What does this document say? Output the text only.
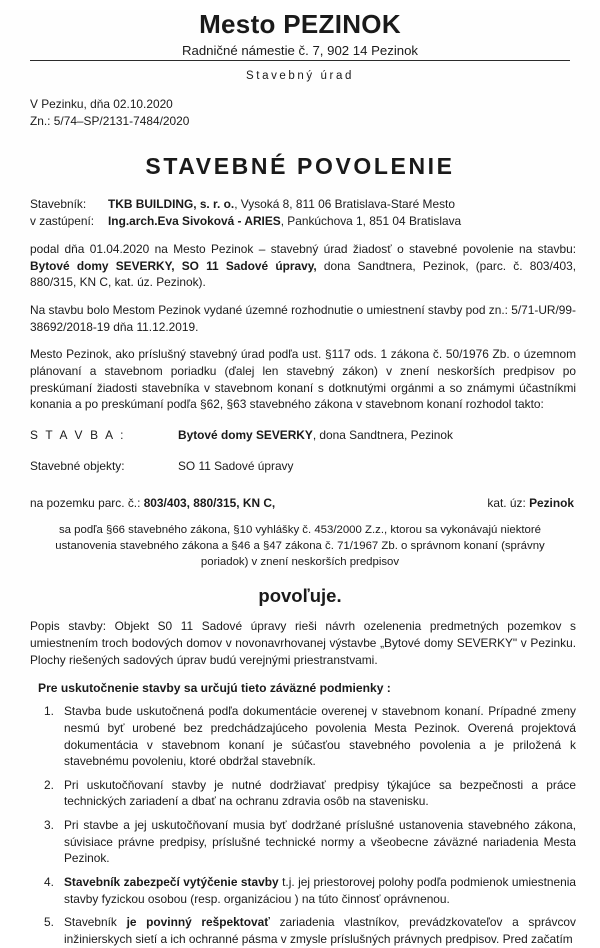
Mesto PEZINOK
Radničné námestie č. 7, 902 14 Pezinok
Stavebný úrad
V Pezinku, dňa 02.10.2020
Zn.: 5/74–SP/2131-7484/2020
STAVEBNÉ POVOLENIE
Stavebník:	TKB BUILDING, s. r. o., Vysoká 8, 811 06 Bratislava-Staré Mesto
v zastúpení:	Ing.arch.Eva Sivoková - ARIES, Pankúchova 1, 851 04 Bratislava

podal dňa 01.04.2020 na Mesto Pezinok – stavebný úrad žiadosť o stavebné povolenie na stavbu: Bytové domy SEVERKY, SO 11 Sadové úpravy, dona Sandtnera, Pezinok, (parc. č. 803/403, 880/315, KN C, kat. úz. Pezinok).

Na stavbu bolo Mestom Pezinok vydané územné rozhodnutie o umiestnení stavby pod zn.: 5/71-UR/99-38692/2018-19 dňa 11.12.2019.

Mesto Pezinok, ako príslušný stavebný úrad podľa ust. §117 ods. 1 zákona č. 50/1976 Zb. o územnom plánovaní a stavebnom poriadku (ďalej len stavebný zákon) v znení neskorších predpisov po preskúmaní žiadosti stavebníka v stavebnom konaní s dotknutými orgánmi a so známymi účastníkmi konania a po preskúmaní podľa §62, §63 stavebného zákona v stavebnom konaní rozhodol takto:

S T A V B A :	Bytové domy SEVERKY, dona Sandtnera, Pezinok
Stavebné objekty:	SO 11 Sadové úpravy
na pozemku parc. č.: 803/403, 880/315, KN C,	kat. úz: Pezinok
sa podľa §66 stavebného zákona, §10 vyhlášky č. 453/2000 Z.z., ktorou sa vykonávajú niektoré ustanovenia stavebného zákona a §46 a §47 zákona č. 71/1967 Zb. o správnom konaní (správny poriadok) v znení neskorších predpisov
povoľuje.

Popis stavby: Objekt S0 11 Sadové úpravy rieši návrh ozelenenia predmetných pozemkov s umiestnením troch bodových domov v novonavrhovanej výstavbe „Bytové domy SEVERKY" v Pezinku. Plochy riešených sadových úprav budú verejnými priestranstvami.

Pre uskutočnenie stavby sa určujú tieto záväzné podmienky :
Stavba bude uskutočnená podľa dokumentácie overenej v stavebnom konaní. Prípadné zmeny nesmú byť urobené bez predchádzajúceho povolenia Mesta Pezinok. Overená projektová dokumentácia v stavebnom konaní je súčasťou stavebného povolenia a je priložená k stavebnému povoleniu, ktoré obdržal stavebník.
Pri uskutočňovaní stavby je nutné dodržiavať predpisy týkajúce sa bezpečnosti a práce technických zariadení a dbať na ochranu zdravia osôb na stavenisku.
Pri stavbe a jej uskutočňovaní musia byť dodržané príslušné ustanovenia stavebného zákona, súvisiace právne predpisy, príslušné technické normy a všeobecne záväzné nariadenia Mesta Pezinok.
Stavebník zabezpečí vytýčenie stavby t.j. jej priestorovej polohy podľa podmienok umiestnenia stavby fyzickou osobou (resp. organizáciou ) na túto činnosť oprávnenou.
Stavebník je povinný rešpektovať zariadenia vlastníkov, prevádzkovateľov a správcov inžinierskych sietí a ich ochranné pásma v zmysle príslušných právnych predpisov. Pred začatím
